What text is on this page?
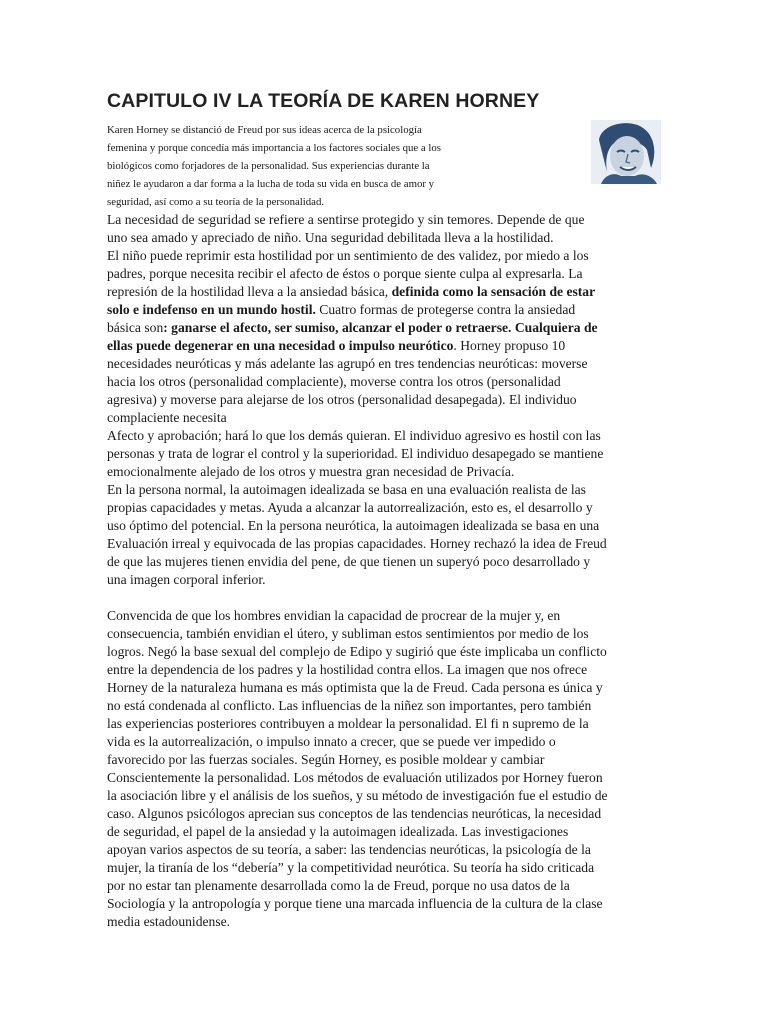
CAPITULO IV LA TEORÍA DE KAREN HORNEY

Karen Horney se distanció de Freud por sus ideas acerca de la psicología
femenina y porque concedía más importancia a los factores sociales que a los
biológicos como forjadores de la personalidad. Sus experiencias durante la
niñez le ayudaron a dar forma a la lucha de toda su vida en busca de amor y
seguridad, así como a su teoría de la personalidad.

La necesidad de seguridad se refiere a sentirse protegido y sin temores. Depende de que
uno sea amado y apreciado de niño. Una seguridad debilitada lleva a la hostilidad.
El niño puede reprimir esta hostilidad por un sentimiento de des validez, por miedo a los
padres, porque necesita recibir el afecto de éstos o porque siente culpa al expresarla. La
represión de la hostilidad lleva a la ansiedad básica, definida como la sensación de estar
solo e indefenso en un mundo hostil. Cuatro formas de protegerse contra la ansiedad
básica son: ganarse el afecto, ser sumiso, alcanzar el poder o retraerse. Cualquiera de
ellas puede degenerar en una necesidad o impulso neurótico. Horney propuso 10
necesidades neuróticas y más adelante las agrupó en tres tendencias neuróticas: moverse
hacia los otros (personalidad complaciente), moverse contra los otros (personalidad
agresiva) y moverse para alejarse de los otros (personalidad desapegada). El individuo
complaciente necesita
Afecto y aprobación; hará lo que los demás quieran. El individuo agresivo es hostil con las
personas y trata de lograr el control y la superioridad. El individuo desapegado se mantiene
emocionalmente alejado de los otros y muestra gran necesidad de Privacía.
En la persona normal, la autoimagen idealizada se basa en una evaluación realista de las
propias capacidades y metas. Ayuda a alcanzar la autorrealización, esto es, el desarrollo y
uso óptimo del potencial. En la persona neurótica, la autoimagen idealizada se basa en una
Evaluación irreal y equivocada de las propias capacidades. Horney rechazó la idea de Freud
de que las mujeres tienen envidia del pene, de que tienen un superyó poco desarrollado y
una imagen corporal inferior.

Convencida de que los hombres envidian la capacidad de procrear de la mujer y, en
consecuencia, también envidian el útero, y subliman estos sentimientos por medio de los
logros. Negó la base sexual del complejo de Edipo y sugirió que éste implicaba un conflicto
entre la dependencia de los padres y la hostilidad contra ellos. La imagen que nos ofrece
Horney de la naturaleza humana es más optimista que la de Freud. Cada persona es única y
no está condenada al conflicto. Las influencias de la niñez son importantes, pero también
las experiencias posteriores contribuyen a moldear la personalidad. El fi n supremo de la
vida es la autorrealización, o impulso innato a crecer, que se puede ver impedido o
favorecido por las fuerzas sociales. Según Horney, es posible moldear y cambiar
Conscientemente la personalidad. Los métodos de evaluación utilizados por Horney fueron
la asociación libre y el análisis de los sueños, y su método de investigación fue el estudio de
caso. Algunos psicólogos aprecian sus conceptos de las tendencias neuróticas, la necesidad
de seguridad, el papel de la ansiedad y la autoimagen idealizada. Las investigaciones
apoyan varios aspectos de su teoría, a saber: las tendencias neuróticas, la psicología de la
mujer, la tiranía de los “debería” y la competitividad neurótica. Su teoría ha sido criticada
por no estar tan plenamente desarrollada como la de Freud, porque no usa datos de la
Sociología y la antropología y porque tiene una marcada influencia de la cultura de la clase
media estadounidense.
